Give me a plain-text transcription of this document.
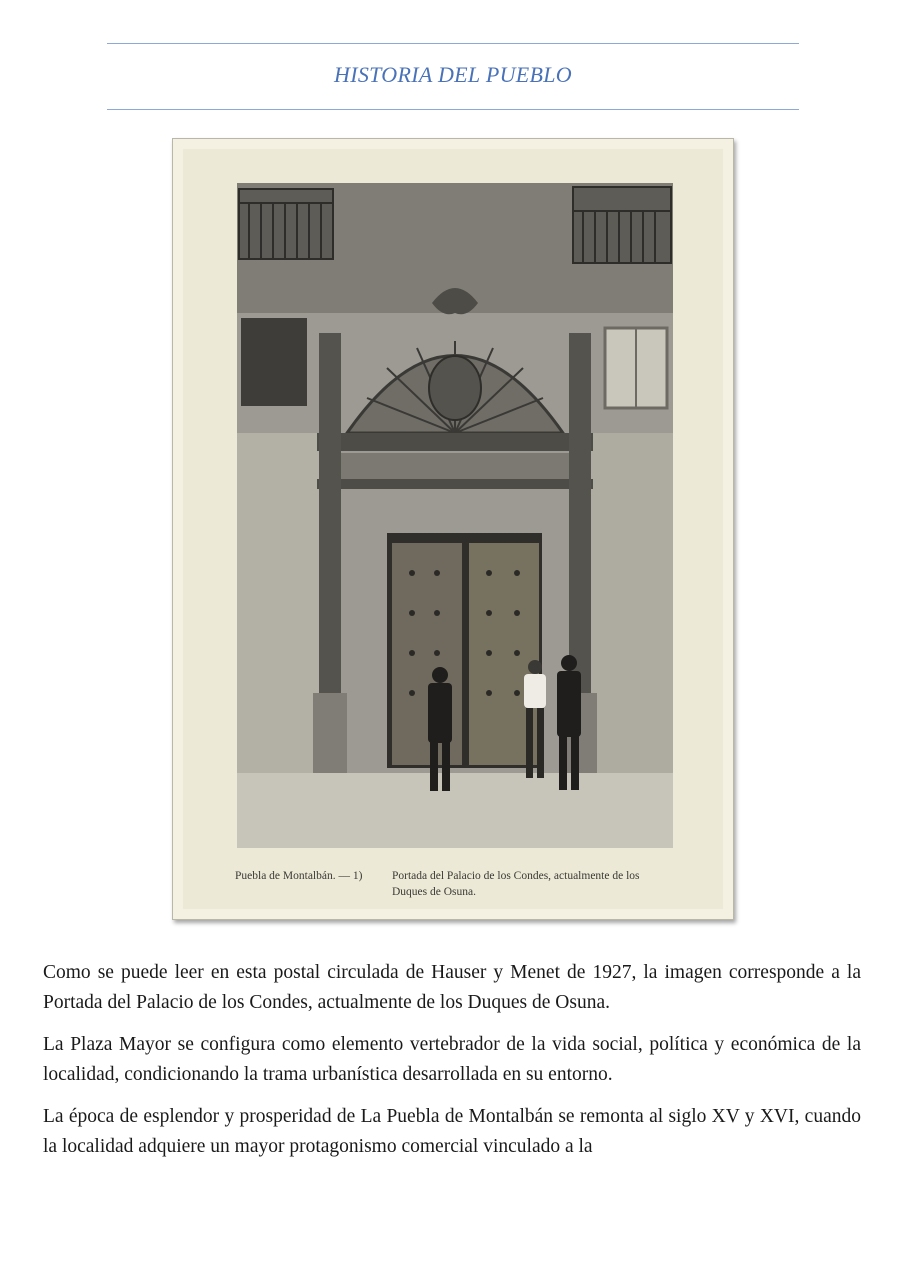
HISTORIA DEL PUEBLO
Puebla de Montalbán. — 1)	Portada del Palacio de los Condes, actualmente de los Duques de Osuna.

Como se puede leer en esta postal circulada de Hauser y Menet de 1927, la imagen corresponde a la Portada del Palacio de los Condes, actualmente de los Duques de Osuna.

La Plaza Mayor se configura como elemento vertebrador de la vida social, política y económica de la localidad, condicionando la trama urbanística desarrollada en su entorno.

La época de esplendor y prosperidad de La Puebla de Montalbán se remonta al siglo XV y XVI, cuando la localidad adquiere un mayor protagonismo comercial vinculado a la
